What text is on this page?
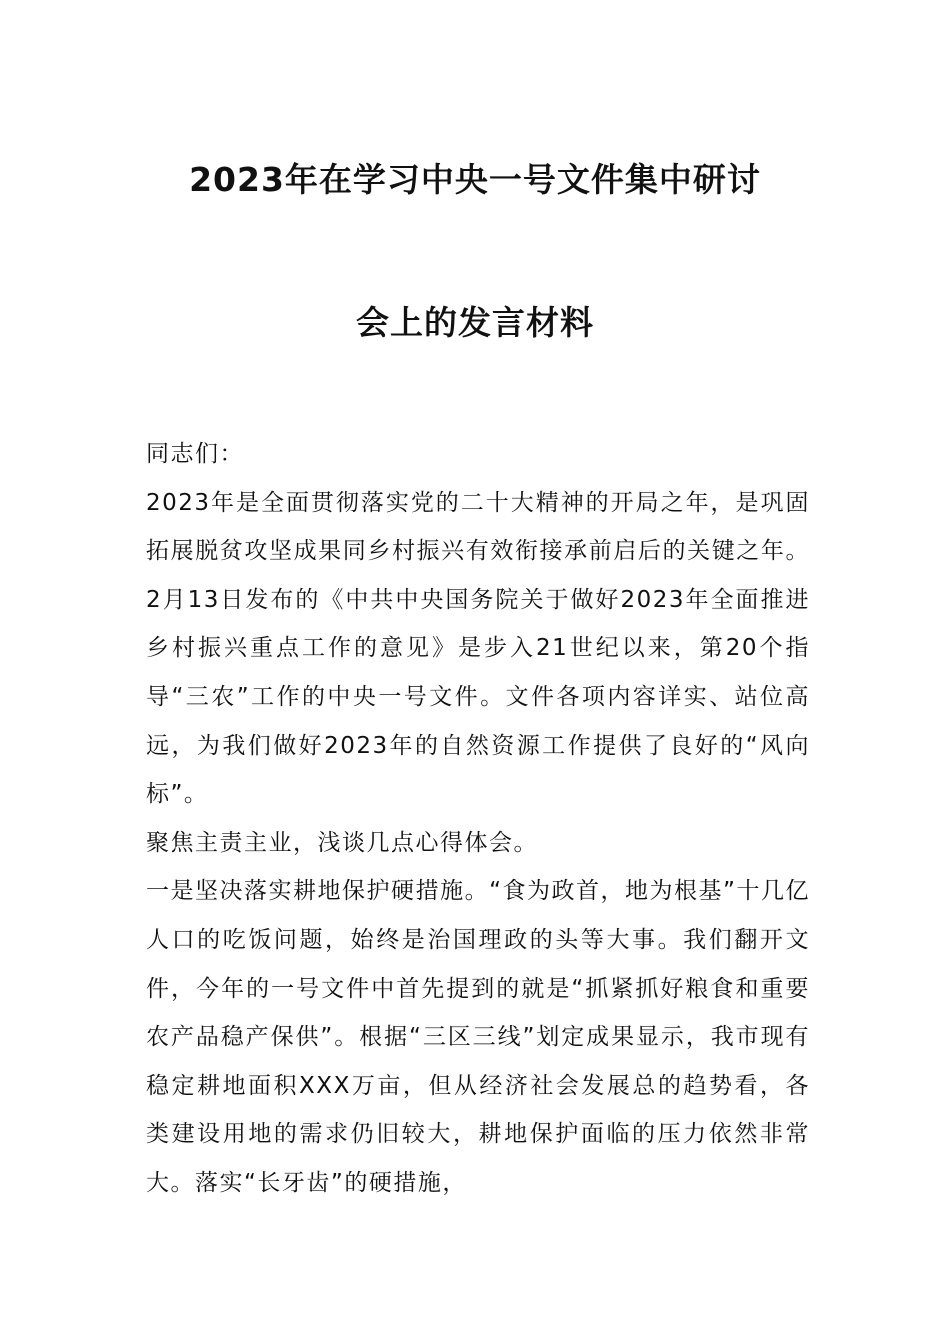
2023年在学习中央一号文件集中研讨
会上的发言材料

同志们：

2023年是全面贯彻落实党的二十大精神的开局之年，是巩固拓展脱贫攻坚成果同乡村振兴有效衔接承前启后的关键之年。2月13日发布的《中共中央国务院关于做好2023年全面推进乡村振兴重点工作的意见》是步入21世纪以来，第20个指导“三农”工作的中央一号文件。文件各项内容详实、站位高远，为我们做好2023年的自然资源工作提供了良好的“风向标”。

聚焦主责主业，浅谈几点心得体会。

一是坚决落实耕地保护硬措施。“食为政首，地为根基”十几亿人口的吃饭问题，始终是治国理政的头等大事。我们翻开文件，今年的一号文件中首先提到的就是“抓紧抓好粮食和重要农产品稳产保供”。根据“三区三线”划定成果显示，我市现有稳定耕地面积XXX万亩，但从经济社会发展总的趋势看，各类建设用地的需求仍旧较大，耕地保护面临的压力依然非常大。落实“长牙齿”的硬措施，
